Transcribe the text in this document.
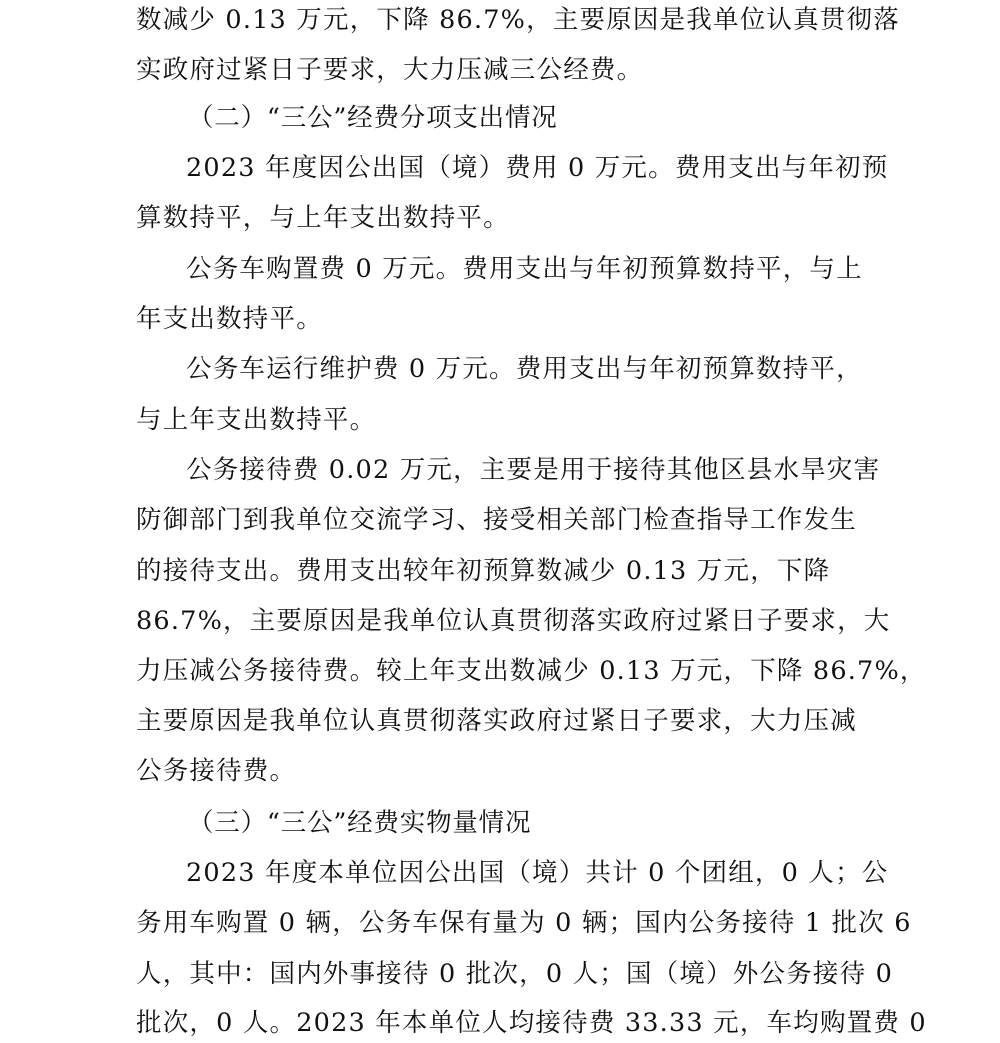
数减少 0.13 万元，下降 86.7%，主要原因是我单位认真贯彻落
实政府过紧日子要求，大力压减三公经费。
（二）“三公”经费分项支出情况
2023 年度因公出国（境）费用 0 万元。费用支出与年初预
算数持平，与上年支出数持平。
公务车购置费 0 万元。费用支出与年初预算数持平，与上
年支出数持平。
公务车运行维护费 0 万元。费用支出与年初预算数持平，
与上年支出数持平。
公务接待费 0.02 万元，主要是用于接待其他区县水旱灾害
防御部门到我单位交流学习、接受相关部门检查指导工作发生
的接待支出。费用支出较年初预算数减少 0.13 万元，下降
86.7%，主要原因是我单位认真贯彻落实政府过紧日子要求，大
力压减公务接待费。较上年支出数减少 0.13 万元，下降 86.7%，
主要原因是我单位认真贯彻落实政府过紧日子要求，大力压减
公务接待费。
（三）“三公”经费实物量情况
2023 年度本单位因公出国（境）共计 0 个团组，0 人；公
务用车购置 0 辆，公务车保有量为 0 辆；国内公务接待 1 批次 6
人，其中：国内外事接待 0 批次，0 人；国（境）外公务接待 0
批次，0 人。2023 年本单位人均接待费 33.33 元，车均购置费 0
